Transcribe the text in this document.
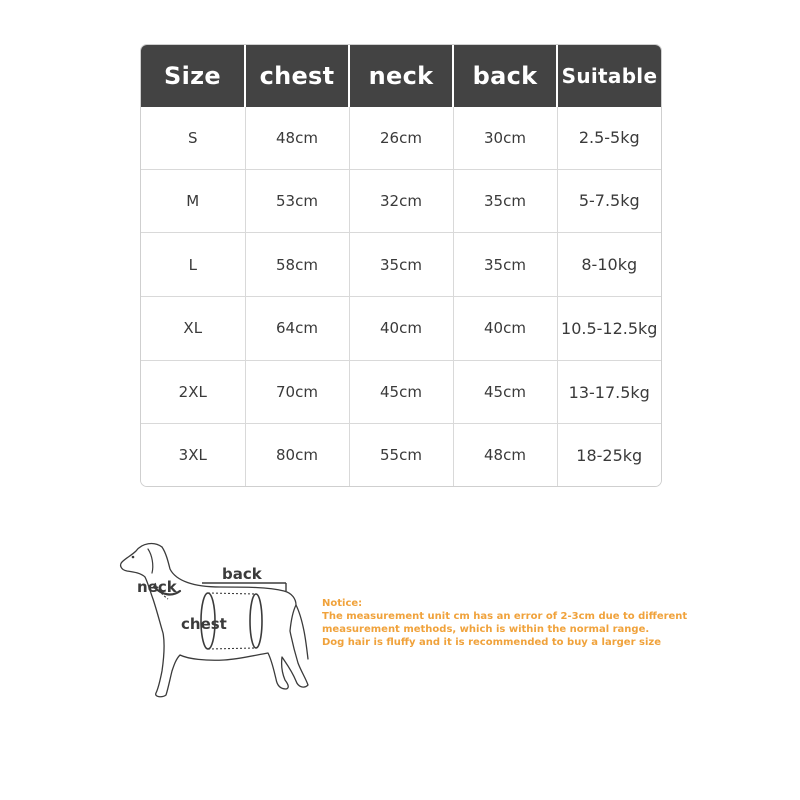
Size	chest	neck	back	Suitable
S	48cm	26cm	30cm	2.5-5kg
M	53cm	32cm	35cm	5-7.5kg
L	58cm	35cm	35cm	8-10kg
XL	64cm	40cm	40cm	10.5-12.5kg
2XL	70cm	45cm	45cm	13-17.5kg
3XL	80cm	55cm	48cm	18-25kg
back
neck
chest
Notice:
The measurement unit cm has an error of 2-3cm due to different
measurement methods, which is within the normal range.
Dog hair is fluffy and it is recommended to buy a larger size
